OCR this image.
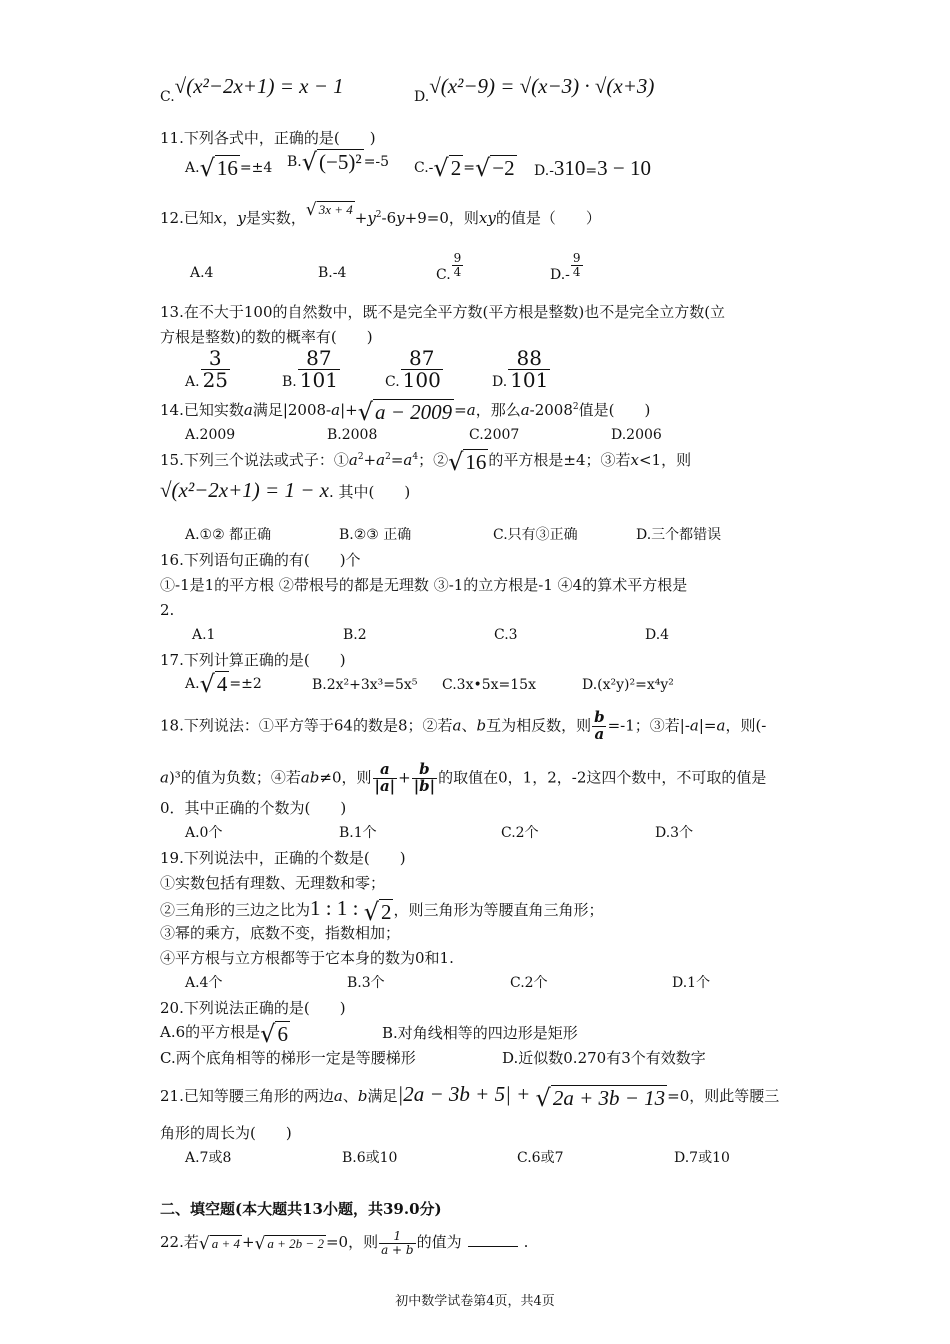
C.√(x²−2x+1) = x − 1	D.√(x²−9) = √(x−3) · √(x+3)
11.下列各式中，正确的是(　　)
A.√16 =±4 B.√(−5)² =-5 C.-√2 =√−2 D.-310=3 − 10
12.已知x，y是实数，√ $3x + 4 +y^2-6y+9=0$，则xy的值是（　　）
A.4	B.-4	C. $\frac{9}{4}$	$D.- \frac{9}{4}$
13.在不大于100的自然数中，既不是完全平方数(平方根是整数)也不是完全立方数(立
方根是整数)的数的概率有(　　)
A. $\frac{3}{25}$	B. $\frac{87}{101}$	C. $\frac{87}{100}$	D. $\frac{88}{101}$
14.已知实数a满足|2008-a|+√a − 2009 =a，那么a-2008$^2$值是(　　)
A.2009	B.2008	C.2007	D.2006
15.下列三个说法或式子：$①a^2+a^2=a^4$；②√16 的平方根是±4；③若x<1，则
√(x²−2x+1) = 1 − x. 其中(　　)
A.①② 都正确	B.②③ 正确	C.只有③正确	D.三个都错误
16.下列语句正确的有(　　)个
①-1是1的平方根 ②带根号的都是无理数 ③-1的立方根是-1 ④4的算术平方根是
2.
A.1	B.2	C.3	D.4
17.下列计算正确的是(　　)
A.√4 =±2	B.2x²+3x³=5x⁵ C.3x•5x=15x	D.(x²y)²=x⁴y²
18.下列说法：①平方等于64的数是8；②若a、b互为相反数，则 $\frac{b}{a} =-1$；③若|-a|=a，则(-
a)³的值为负数；④若ab≠0，则 $\frac{a}{|a|} + \frac{b}{|b|}$ 的取值在0，1，2，-2这四个数中，不可取的值是
0．其中正确的个数为(　　)
A.0个	B.1个	C.2个	D.3个
19.下列说法中，正确的个数是(　　)
①实数包括有理数、无理数和零；
②三角形的三边之比为1 : 1 : √2 ，则三角形为等腰直角三角形；
③幂的乘方，底数不变，指数相加；
④平方根与立方根都等于它本身的数为0和1.
A.4个	B.3个	C.2个	D.1个
20.下列说法正确的是(　　)
A.6的平方根是√6	B.对角线相等的四边形是矩形
C.两个底角相等的梯形一定是等腰梯形	D.近似数0.270有3个有效数字
21.已知等腰三角形的两边a、b满足|2a − 3b + 5| + √2a + 3b − 13 =0，则此等腰三
角形的周长为(　　)
A.7或8	B.6或10	C.6或7	D.7或10
二、填空题(本大题共13小题，共39.0分)
22.若√ a + 4 +√ a + 2b − 2 =0，则 $\frac{1}{a + b}$ 的值为	.
初中数学试卷第4页，共4页
